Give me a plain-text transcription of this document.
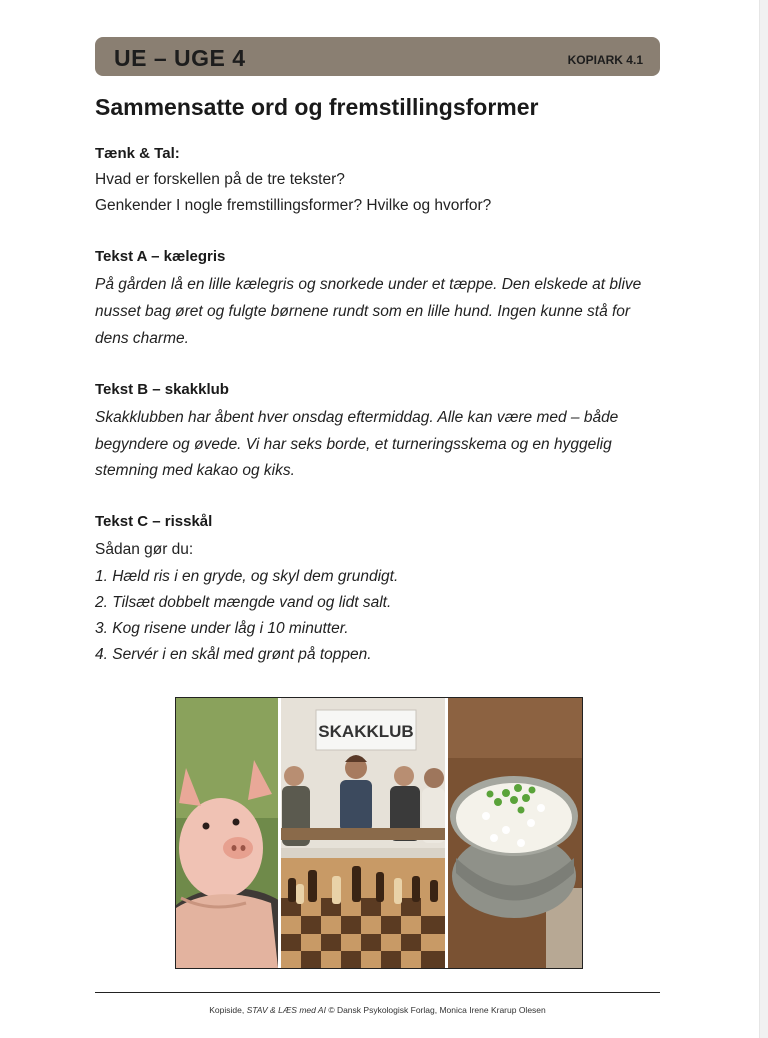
UE – UGE 4	KOPIARK 4.1
Sammensatte ord og fremstillingsformer
Tænk & Tal:
Hvad er forskellen på de tre tekster?
Genkender I nogle fremstillingsformer? Hvilke og hvorfor?
Tekst A – kælegris
På gården lå en lille kælegris og snorkede under et tæppe. Den elskede at blive
nusset bag øret og fulgte børnene rundt som en lille hund. Ingen kunne stå for
dens charme.
Tekst B – skakklub
Skakklubben har åbent hver onsdag eftermiddag. Alle kan være med – både
begyndere og øvede. Vi har seks borde, et turneringsskema og en hyggelig
stemning med kakao og kiks.
Tekst C – risskål
Sådan gør du:
1. Hæld ris i en gryde, og skyl dem grundigt.
2. Tilsæt dobbelt mængde vand og lidt salt.
3. Kog risene under låg i 10 minutter.
4. Servér i en skål med grønt på toppen.
SKAKKLUB
Kopiside, STAV & LÆS med AI © Dansk Psykologisk Forlag, Monica Irene Krarup Olesen
